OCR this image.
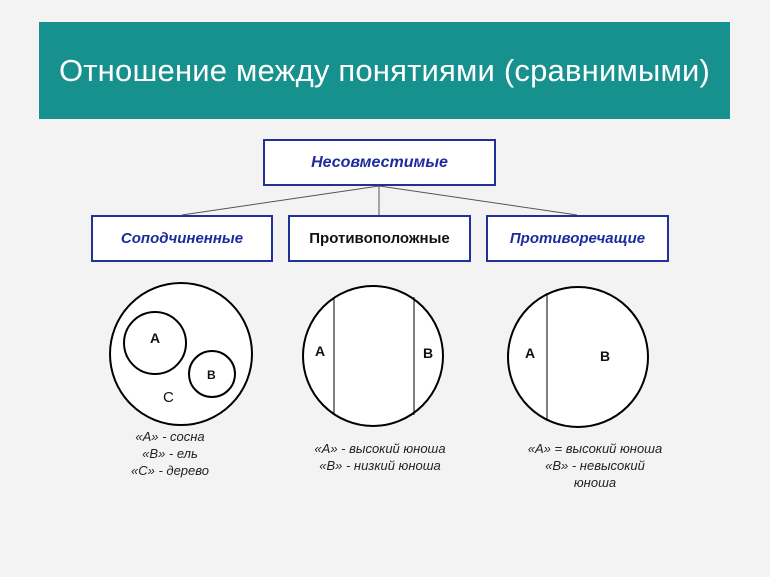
Отношение между понятиями (сравнимыми)
A
B
C
A	B	A	B
Несовместимые
Соподчиненные	Противоположные	Противоречащие
«А» - сосна
«В» - ель
«С» - дерево
«А» - высокий юноша
«В» - низкий юноша
«А» = высокий юноша
«В» - невысокий
юноша
